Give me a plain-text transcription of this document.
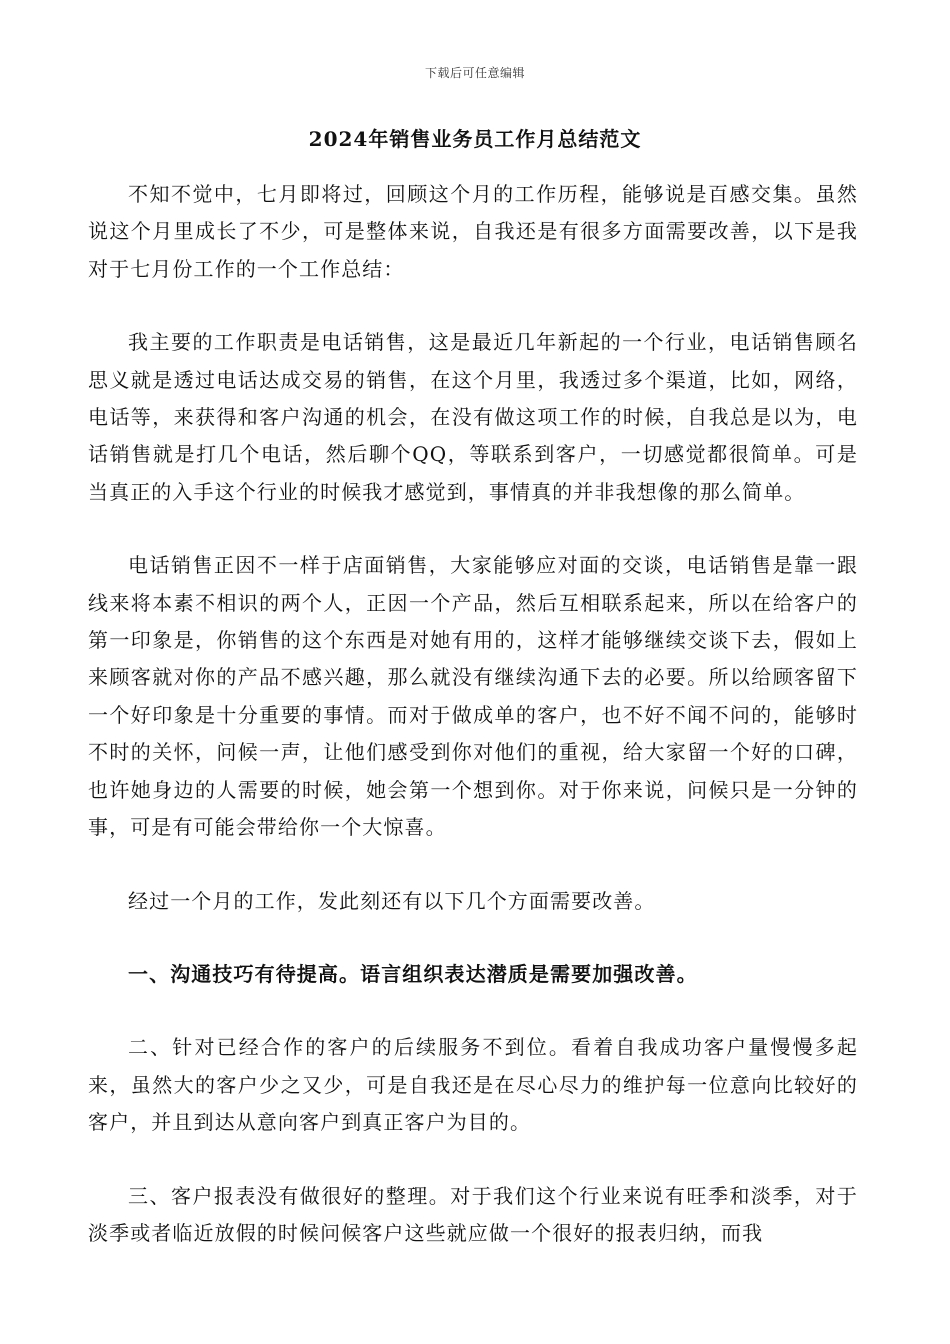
下载后可任意编辑
2024年销售业务员工作月总结范文

不知不觉中，七月即将过，回顾这个月的工作历程，能够说是百感交集。虽然说这个月里成长了不少，可是整体来说，自我还是有很多方面需要改善，以下是我对于七月份工作的一个工作总结：

我主要的工作职责是电话销售，这是最近几年新起的一个行业，电话销售顾名思义就是透过电话达成交易的销售，在这个月里，我透过多个渠道，比如，网络，电话等，来获得和客户沟通的机会，在没有做这项工作的时候，自我总是以为，电话销售就是打几个电话，然后聊个QQ，等联系到客户，一切感觉都很简单。可是当真正的入手这个行业的时候我才感觉到，事情真的并非我想像的那么简单。

电话销售正因不一样于店面销售，大家能够应对面的交谈，电话销售是靠一跟线来将本素不相识的两个人，正因一个产品，然后互相联系起来，所以在给客户的第一印象是，你销售的这个东西是对她有用的，这样才能够继续交谈下去，假如上来顾客就对你的产品不感兴趣，那么就没有继续沟通下去的必要。所以给顾客留下一个好印象是十分重要的事情。而对于做成单的客户，也不好不闻不问的，能够时不时的关怀，问候一声，让他们感受到你对他们的重视，给大家留一个好的口碑，也许她身边的人需要的时候，她会第一个想到你。对于你来说，问候只是一分钟的事，可是有可能会带给你一个大惊喜。

经过一个月的工作，发此刻还有以下几个方面需要改善。

一、沟通技巧有待提高。语言组织表达潜质是需要加强改善。

二、针对已经合作的客户的后续服务不到位。看着自我成功客户量慢慢多起来，虽然大的客户少之又少，可是自我还是在尽心尽力的维护每一位意向比较好的客户，并且到达从意向客户到真正客户为目的。

三、客户报表没有做很好的整理。对于我们这个行业来说有旺季和淡季，对于淡季或者临近放假的时候问候客户这些就应做一个很好的报表归纳，而我
